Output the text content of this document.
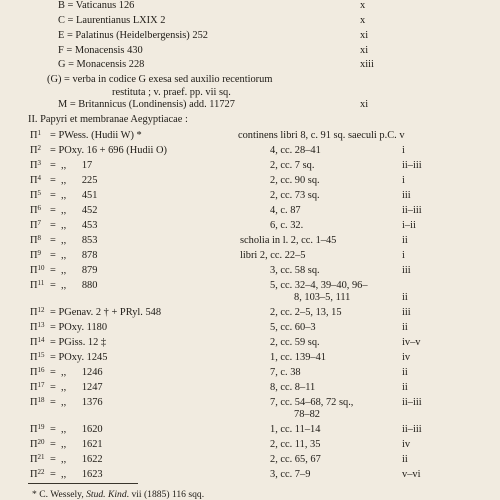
B = Vaticanus 126	x
C = Laurentianus LXIX 2	x
E = Palatinus (Heidelbergensis) 252	xi
F = Monacensis 430	xi
G = Monacensis 228	xiii
(G) = verba in codice G exesa sed auxilio recentiorum
restituta ; v. praef. pp. vii sq.
M = Britannicus (Londinensis) add. 11727	xi
II. Papyri et membranae Aegyptiacae :
$\Pi^1$ = PWess. (Hudii W) *	continens libri 8, c. 91 sq. saeculi p.C. v
$\Pi^2$ = POxy. 16 + 696 (Hudii O)	4, cc. 28–41	i
$\Pi^3$ =  ,,      17	2, cc. 7 sq.	ii–iii
$\Pi^4$ =  ,,      225	2, cc. 90 sq.	i
$\Pi^5$ =  ,,      451	2, cc. 73 sq.	iii
$\Pi^6$ =  ,,      452	4, c. 87	ii–iii
$\Pi^7$ =  ,,      453	6, c. 32.	i–ii
$\Pi^8$ =  ,,      853	scholia in l. 2, cc. 1–45	ii
$\Pi^9$ =  ,,      878	libri 2, cc. 22–5	i
$\Pi^{10}$ =  ,,      879	3, cc. 58 sq.	iii
$\Pi^{11}$ =  ,,      880	5, cc. 32–4, 39–40, 96–
8, 103–5, 111	ii
$\Pi^{12}$ = PGenav. 2 † + PRyl. 548	2, cc. 2–5, 13, 15	iii
$\Pi^{13}$ = POxy. 1180	5, cc. 60–3	ii
$\Pi^{14}$ = PGiss. 12 ‡	2, cc. 59 sq.	iv–v
$\Pi^{15}$ = POxy. 1245	1, cc. 139–41	iv
$\Pi^{16}$ =  ,,      1246	7, c. 38	ii
$\Pi^{17}$ =  ,,      1247	8, cc. 8–11	ii
$\Pi^{18}$ =  ,,      1376	7, cc. 54–68, 72 sq.,	ii–iii
78–82
$\Pi^{19}$ =  ,,      1620	1, cc. 11–14	ii–iii
$\Pi^{20}$ =  ,,      1621	2, cc. 11, 35	iv
$\Pi^{21}$ =  ,,      1622	2, cc. 65, 67	ii
$\Pi^{22}$ =  ,,      1623	3, cc. 7–9	v–vi
* C. Wessely, Stud. Kind. vii (1885) 116 sqq.
